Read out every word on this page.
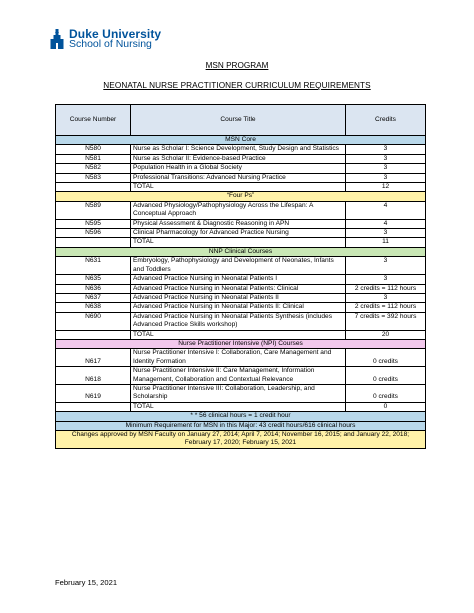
Duke University
School of Nursing
MSN PROGRAM
NEONATAL NURSE PRACTITIONER CURRICULUM REQUIREMENTS
Course Number	Course Title	Credits
MSN Core		
N580	Nurse as Scholar I: Science Development, Study Design and Statistics	3
N581	Nurse as Scholar II: Evidence-based Practice	3
N582	Population Health in a Global Society	3
N583	Professional Transitions: Advanced Nursing Practice	3
	TOTAL	12
“Four Ps”		
N589	Advanced Physiology/Pathophysiology Across the Lifespan: A Conceptual Approach	4
N595	Physical Assessment & Diagnostic Reasoning in APN	4
N596	Clinical Pharmacology for Advanced Practice Nursing	3
	TOTAL	11
NNP Clinical Courses		
N631	Embryology, Pathophysiology and Development of Neonates, Infants and Toddlers	3
N635	Advanced Practice Nursing in Neonatal Patients I	3
N636	Advanced Practice Nursing in Neonatal Patients: Clinical	2 credits = 112 hours
N637	Advanced Practice Nursing in Neonatal Patients II	3
N638	Advanced Practice Nursing in Neonatal Patients II: Clinical	2 credits = 112 hours
N690	Advanced Practice Nursing in Neonatal Patients Synthesis (includes Advanced Practice Skills workshop)	7 credits = 392 hours
	TOTAL	20
Nurse Practitioner Intensive (NPI) Courses		
N617	Nurse Practitioner Intensive I: Collaboration, Care Management and Identity Formation	0 credits
N618	Nurse Practitioner Intensive II: Care Management, Information Management, Collaboration and Contextual Relevance	0 credits
N619	Nurse Practitioner Intensive III: Collaboration, Leadership, and Scholarship	0 credits
	TOTAL	0
* * 56 clinical hours = 1 credit hour		
Minimum Requirement for MSN in this Major: 43 credit hours/616 clinical hours		
Changes approved by MSN Faculty on January 27, 2014; April 7, 2014; November 16, 2015; and January 22, 2018; February 17, 2020; February 15, 2021		
February 15, 2021
